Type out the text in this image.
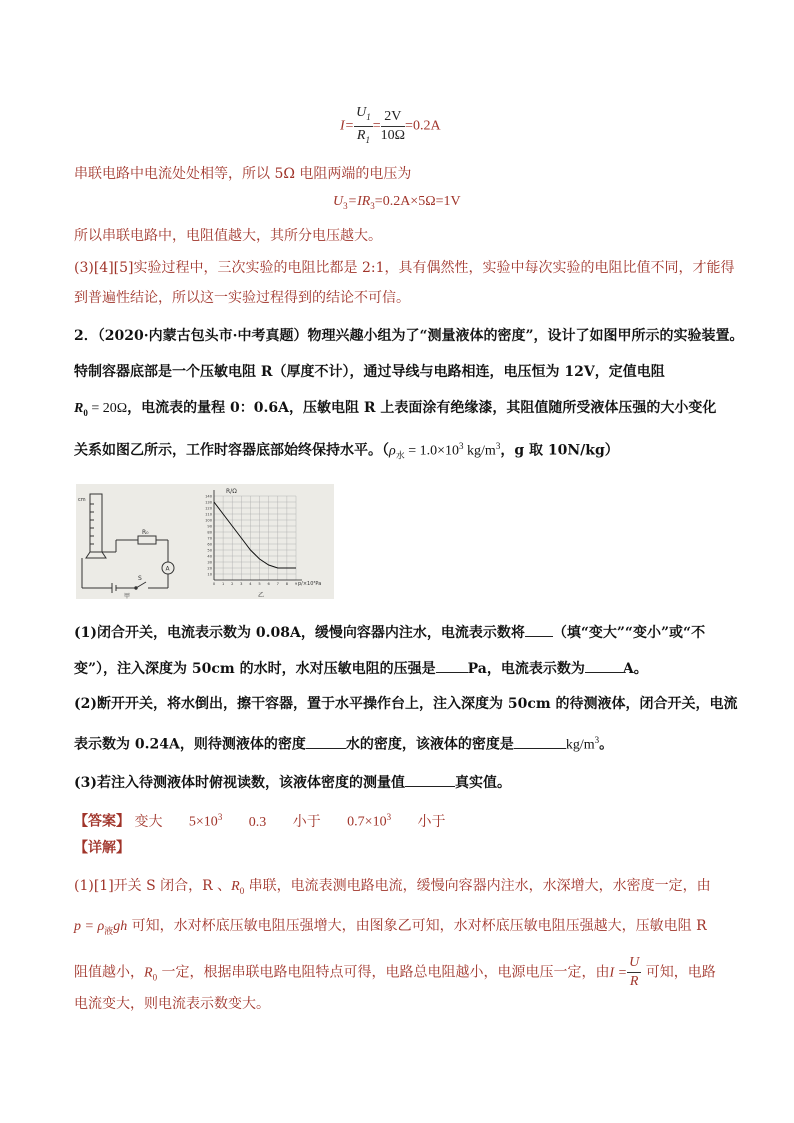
$I= \frac{U_1}{R_1} = \frac{2V}{10\Omega} =0.2A$
串联电路中电流处处相等，所以 5Ω 电阻两端的电压为
$U_3=IR_3=0.2A\times 5\Omega=1V$
所以串联电路中，电阻值越大，其所分电压越大。
(3)[4][5]实验过程中，三次实验的电阻比都是 2:1，具有偶然性，实验中每次实验的电阻比值不同，才能得
到普遍性结论，所以这一实验过程得到的结论不可信。
2．（2020·内蒙古包头市·中考真题）物理兴趣小组为了“测量液体的密度”，设计了如图甲所示的实验装置。
特制容器底部是一个压敏电阻 R（厚度不计），通过导线与电路相连，电压恒为 12V，定值电阻
$R_0 = 20\Omega$，电流表的量程 0：0.6A，压敏电阻 R 上表面涂有绝缘漆，其阻值随所受液体压强的大小变化
关系如图乙所示，工作时容器底部始终保持水平。（$\rho_水 = 1.0\times 10^3$ $kg/m^3$，g 取 10N/kg）
cm
R₀
A
S
甲
140
130
120
110
100
90
80
70
60
50
40
30
20
10
0 1 2 3 4 5 6 7 8 9
R/Ω
p/×10³Pa
乙
(1)闭合开关，电流表示数为 0.08A，缓慢向容器内注水，电流表示数将 （填“变大”“变小”或“不
变”），注入深度为 50cm 的水时，水对压敏电阻的压强是 Pa，电流表示数为	A。
(2)断开开关，将水倒出，擦干容器，置于水平操作台上，注入深度为 50cm 的待测液体，闭合开关，电流
表示数为 0.24A，则待测液体的密度	水的密度，该液体的密度是	$kg/m^3$。
(3)若注入待测液体时俯视读数，该液体密度的测量值	真实值。
【答案】 变大 $5\times 10^3$ 0.3 小于 $0.7\times 10^3$ 小于
【详解】
(1)[1]开关 S 闭合，R 、$R_0$ 串联，电流表测电路电流，缓慢向容器内注水，水深增大，水密度一定，由
$p = \rho_液gh$ 可知，水对杯底压敏电阻压强增大，由图象乙可知，水对杯底压敏电阻压强越大，压敏电阻 R
阻值越小，$R_0$ 一定，根据串联电路电阻特点可得，电路总电阻越小，电源电压一定，由$I = \frac{U}{R}$ 可知，电路
电流变大，则电流表示数变大。
